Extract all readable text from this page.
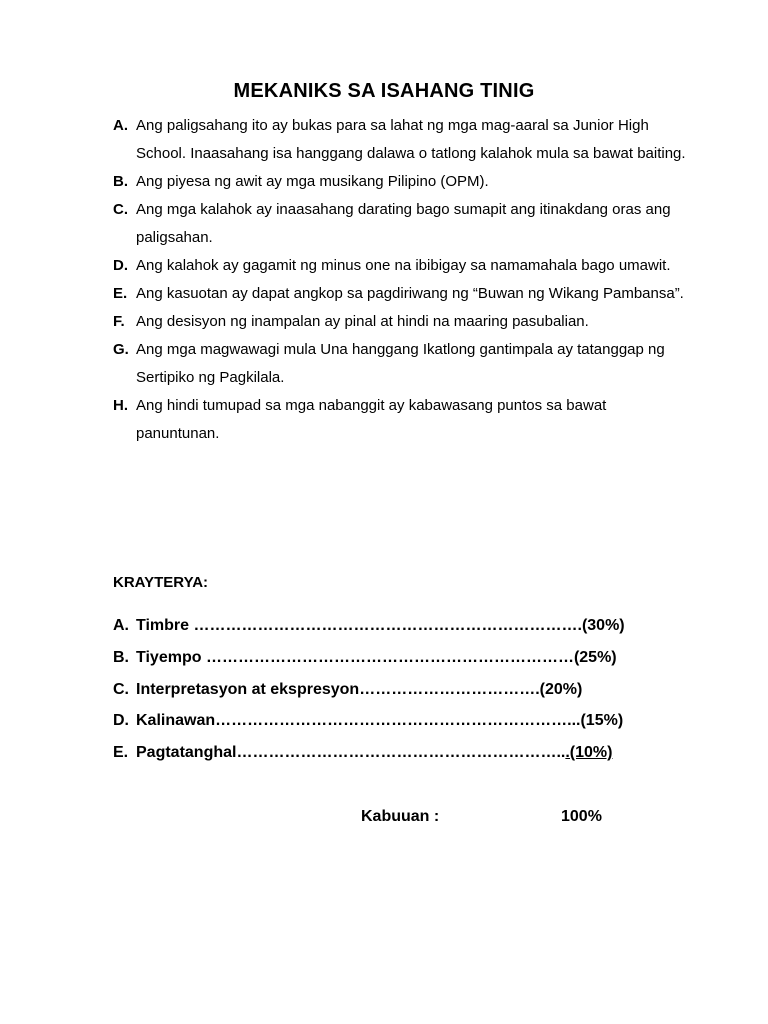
MEKANIKS SA ISAHANG TINIG
A. Ang paligsahang ito ay bukas para sa lahat ng mga mag-aaral sa Junior High School. Inaasahang isa hanggang dalawa o tatlong kalahok mula sa bawat baiting.
B. Ang piyesa ng awit ay mga musikang Pilipino (OPM).
C. Ang mga kalahok ay inaasahang darating bago sumapit ang itinakdang oras ang paligsahan.
D. Ang kalahok ay gagamit ng minus one na ibibigay sa namamahala bago umawit.
E. Ang kasuotan ay dapat angkop sa pagdiriwang ng “Buwan ng Wikang Pambansa”.
F. Ang desisyon ng inampalan ay pinal at hindi na maaring pasubalian.
G. Ang mga magwawagi mula Una hanggang Ikatlong gantimpala ay tatanggap ng Sertipiko ng Pagkilala.
H. Ang hindi tumupad sa mga nabanggit ay kabawasang puntos sa bawat panuntunan.
KRAYTERYA:
A. Timbre ……………………………………………………………….(30%)
B. Tiyempo ……………………………………………………………(25%)
C. Interpretasyon at ekspresyon…………………………….(20%)
D. Kalinawan…………………………………………………………...(15%)
E. Pagtatanghal……………………………………………………...(10%)
Kabuuan :	100%
